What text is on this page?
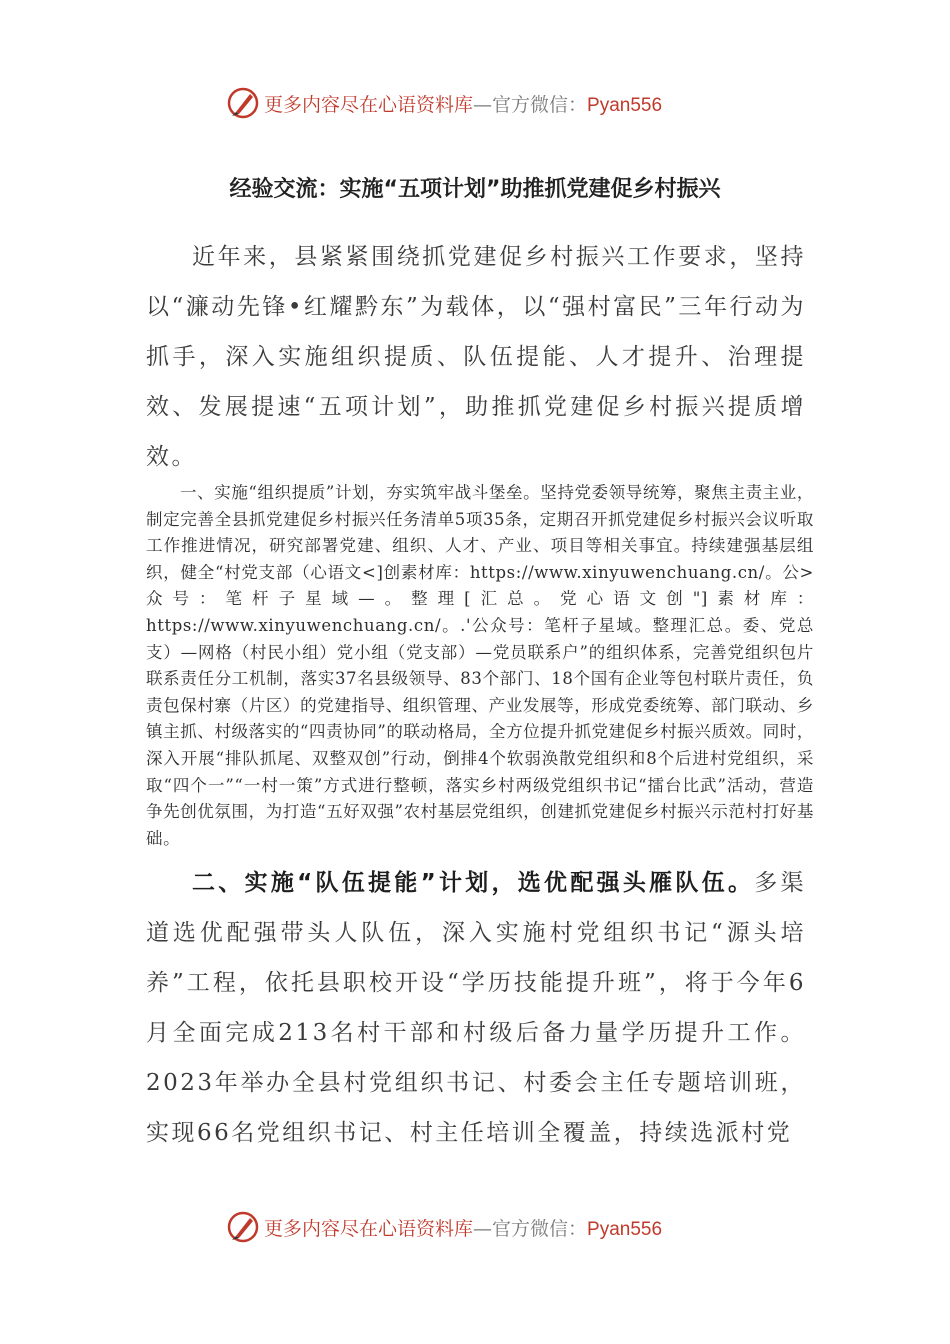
更多内容尽在心语资料库—官方微信：Pyan556
经验交流：实施“五项计划”助推抓党建促乡村振兴

近年来，县紧紧围绕抓党建促乡村振兴工作要求，坚持以“濂动先锋•红耀黔东”为载体，以“强村富民”三年行动为抓手，深入实施组织提质、队伍提能、人才提升、治理提效、发展提速“五项计划”，助推抓党建促乡村振兴提质增效。

一、实施“组织提质”计划，夯实筑牢战斗堡垒。坚持党委领导统筹，聚焦主责主业，制定完善全县抓党建促乡村振兴任务清单5项35条，定期召开抓党建促乡村振兴会议听取工作推进情况，研究部署党建、组织、人才、产业、项目等相关事宜。持续建强基层组织，健全“村党支部（心语文<]创素材库：https://www.xinyuwenchuang.cn/。公>众号：笔杆子星域—。整理[汇总。党心语文创"]素材库：https://www.xinyuwenchuang.cn/。.'公众号：笔杆子星域。整理汇总。委、党总支）—网格（村民小组）党小组（党支部）—党员联系户”的组织体系，完善党组织包片联系责任分工机制，落实37名县级领导、83个部门、18个国有企业等包村联片责任，负责包保村寨（片区）的党建指导、组织管理、产业发展等，形成党委统筹、部门联动、乡镇主抓、村级落实的“四责协同”的联动格局，全方位提升抓党建促乡村振兴质效。同时，深入开展“排队抓尾、双整双创”行动，倒排4个软弱涣散党组织和8个后进村党组织，采取“四个一”“一村一策”方式进行整顿，落实乡村两级党组织书记“擂台比武”活动，营造争先创优氛围，为打造“五好双强”农村基层党组织，创建抓党建促乡村振兴示范村打好基础。

二、实施“队伍提能”计划，选优配强头雁队伍。多渠道选优配强带头人队伍，深入实施村党组织书记“源头培养”工程，依托县职校开设“学历技能提升班”，将于今年6月全面完成213名村干部和村级后备力量学历提升工作。2023年举办全县村党组织书记、村委会主任专题培训班，实现66名党组织书记、村主任培训全覆盖，持续选派村党

更多内容尽在心语资料库—官方微信：Pyan556
